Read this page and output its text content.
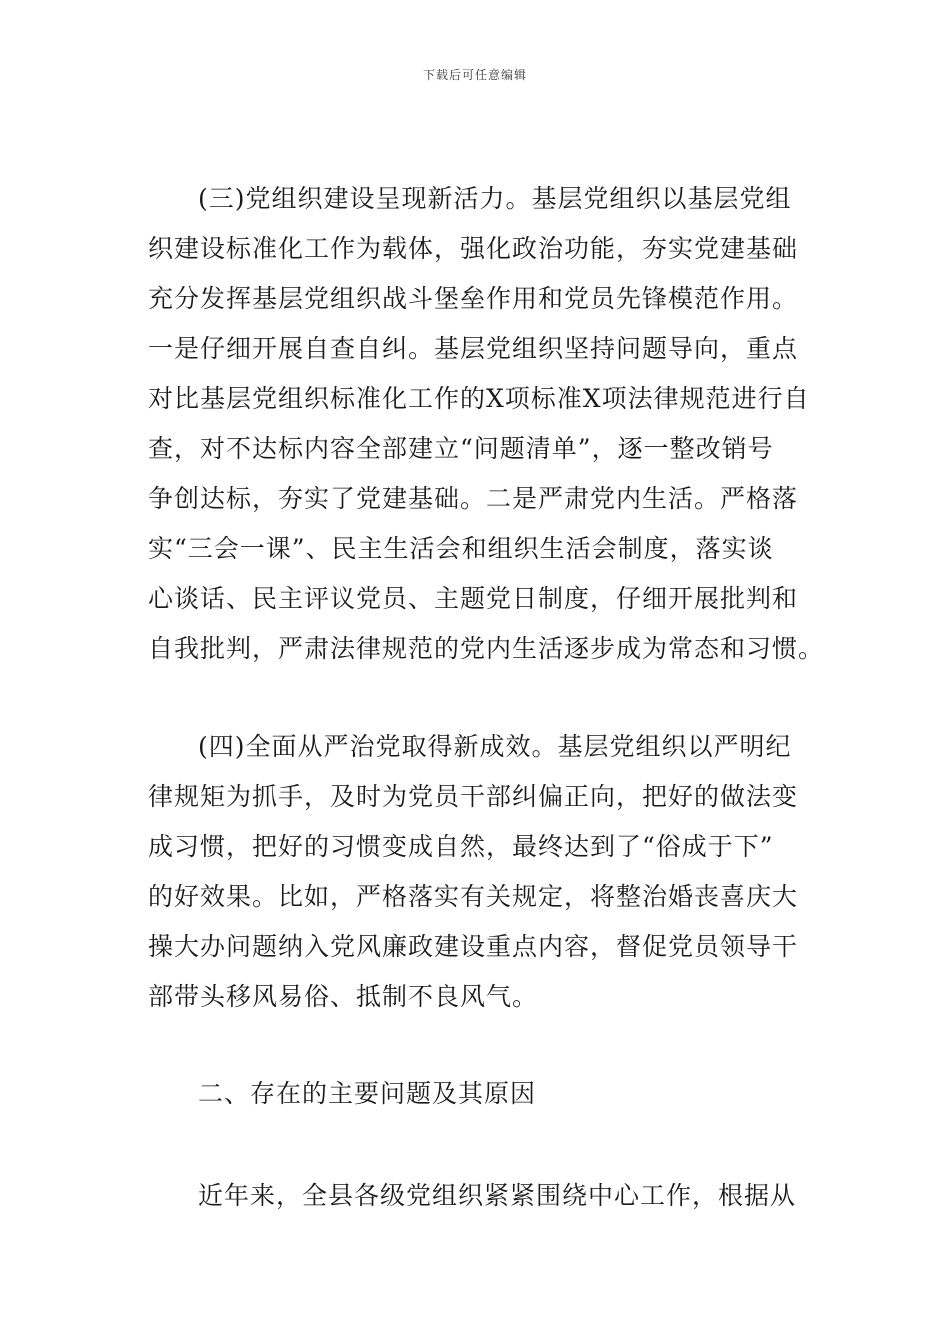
下载后可任意编辑
(三)党组织建设呈现新活力。基层党组织以基层党组
织建设标准化工作为载体，强化政治功能，夯实党建基础
充分发挥基层党组织战斗堡垒作用和党员先锋模范作用。
一是仔细开展自查自纠。基层党组织坚持问题导向，重点
对比基层党组织标准化工作的X项标准X项法律规范进行自
查，对不达标内容全部建立“问题清单”，逐一整改销号
争创达标，夯实了党建基础。二是严肃党内生活。严格落
实“三会一课”、民主生活会和组织生活会制度，落实谈
心谈话、民主评议党员、主题党日制度，仔细开展批判和
自我批判，严肃法律规范的党内生活逐步成为常态和习惯。
(四)全面从严治党取得新成效。基层党组织以严明纪
律规矩为抓手，及时为党员干部纠偏正向，把好的做法变
成习惯，把好的习惯变成自然，最终达到了“俗成于下”
的好效果。比如，严格落实有关规定，将整治婚丧喜庆大
操大办问题纳入党风廉政建设重点内容，督促党员领导干
部带头移风易俗、抵制不良风气。
二、存在的主要问题及其原因
近年来，全县各级党组织紧紧围绕中心工作，根据从
